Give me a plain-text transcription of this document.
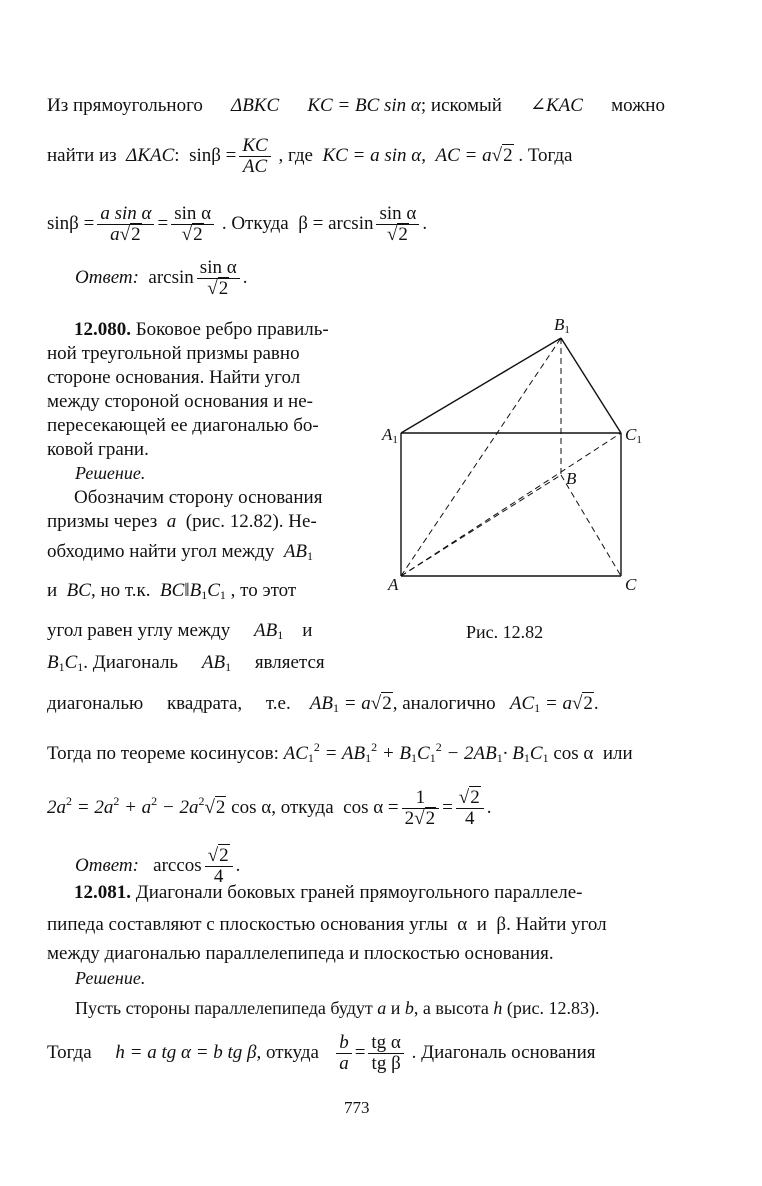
Из прямоугольного ΔBKC KC = BC sin α; искомый ∠KAC можно
найти из ΔKAC: $\sin\beta = \frac{KC}{AC}$ , где KC = a sin α, AC = a√2 . Тогда
$\sin\beta = \frac{\text{a sin α}}{a√2} = \frac{\text{sin α}}{√2}$ . Откуда $\beta = \arcsin \frac{\text{sin α}}{√2}$ .
Ответ: $\arcsin \frac{\text{sin α}}{√2}$ .
12.080. Боковое ребро правиль-
ной треугольной призмы равно
стороне основания. Найти угол
между стороной основания и не-
пересекающей ее диагональю бо-
ковой грани.
Решение.
Обозначим сторону основания
призмы через a (рис. 12.82). Не-
обходимо найти угол между $AB_1$
и BC, но т.к. $BC‖B_1C_1$ , то этот
угол равен углу между $AB_1$ и
$B_1C_1$. Диагональ $AB_1$ является
B1
A1	C1
B
A	C
Рис. 12.82
диагональю квадрата, т.е. $AB_1 = a√2$, аналогично $AC_1 = a√2$.
Тогда по теореме косинусов: $AC_1^2 = AB_1^2 + B_1C_1^2 - 2AB_1\cdot B_1C_1$ cos α или
$2a^2 = 2a^2 + a^2 - 2a^2√2$ cos α, откуда $\cos \alpha = \frac{1}{2√2} = \frac{√2}{4}$ .
Ответ: $\arccos \frac{√2}{4}$ .
12.081. Диагонали боковых граней прямоугольного параллеле-
пипеда составляют с плоскостью основания углы α и β. Найти угол
между диагональю параллелепипеда и плоскостью основания.
Решение.
Пусть стороны параллелепипеда будут a и b, а высота h (рис. 12.83).
Тогда h = a tg α = b tg β, откуда $\frac{b}{a} = \frac{\text{tg α}}{\text{tg β}}$ . Диагональ основания
773
